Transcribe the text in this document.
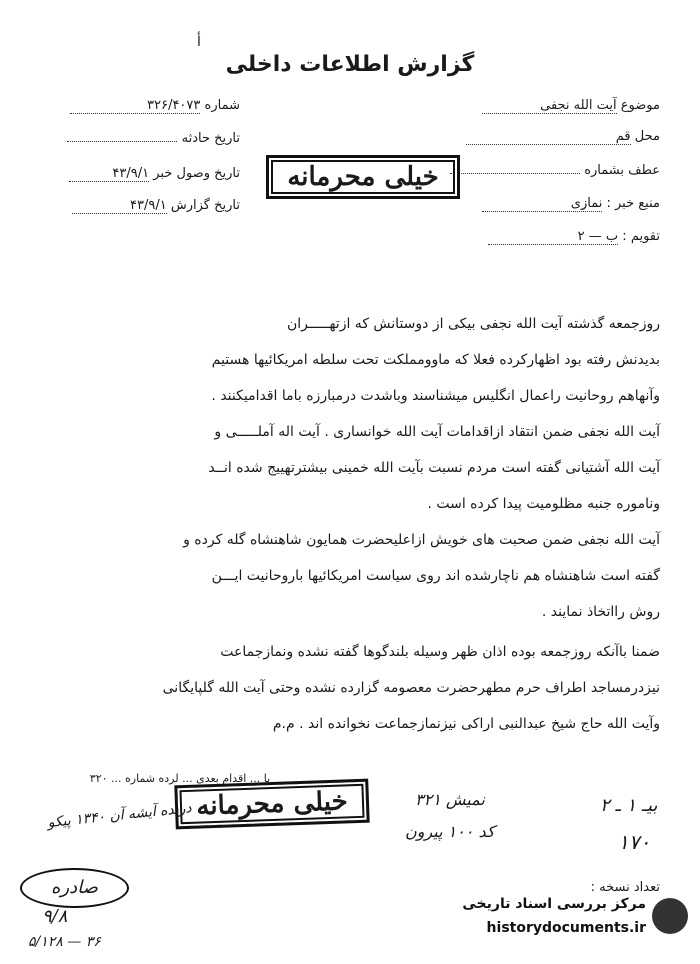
ﺃ
گزارش اطلاعات داخلی
موضوع آیت الله نجفی
محل قم
عطف بشماره
منبع خبر : نمازی
تقویم : ب — ۲
شماره ۳۲۶/۴۰۷۳
تاریخ حادثه
تاریخ وصول خبر ۴۳/۹/۱
تاریخ گزارش ۴۳/۹/۱
خیلی محرمانه
روزجمعه گذشته آیت الله نجفی بیکی از دوستانش که ازتهـــــران
بدیدنش رفته بود اظهارکرده فعلا که ماوومملکت تحت سلطه امریکائیها هستیم
وآنهاهم روحانیت راعمال انگلیس میشناسند وباشدت درمبارزه باما اقدامیکنند .
آیت الله نجفی ضمن انتقاد ازاقدامات آیت الله خوانساری . آیت اله آملـــــی و
آیت الله آشتیانی گفته است مردم نسبت بآیت الله خمینی بیشترتهییج شده انــد
وناموره جنبه مظلومیت پیدا کرده است .
آیت الله نجفی ضمن صحبت های خویش ازاعلیحضرت همایون شاهنشاه گله کرده و
گفته است شاهنشاه هم ناچارشده اند روی سیاست امریکائیها باروحانیت ایـــن
روش رااتخاذ نمایند .
ضمنا باآنکه روزجمعه بوده اذان ظهر وسیله بلندگوها گفته نشده ونمازجماعت
نیزدرمساجد اطراف حرم مطهرحضرت معصومه گزارده نشده وحتی آیت الله گلپایگانی
وآیت الله حاج شیخ عبدالنبی اراکی نیزنمازجماعت نخوانده اند . م.م
با ... اقدام بعدی ... لرده شماره ... ۳۲۰
خیلی محرمانه	نمیش ۳۲۱
کد ۱۰۰ پیرون
بیـ ۱ ـ ۲
۱۷۰
دریده آیشه آن ۱۳۴۰ پیکو
تعداد نسخه :
صادره
۹/۸
۵/۱۲۸ — ۳۶
مرکز بررسی اسناد تاریخی
historydocuments.ir
